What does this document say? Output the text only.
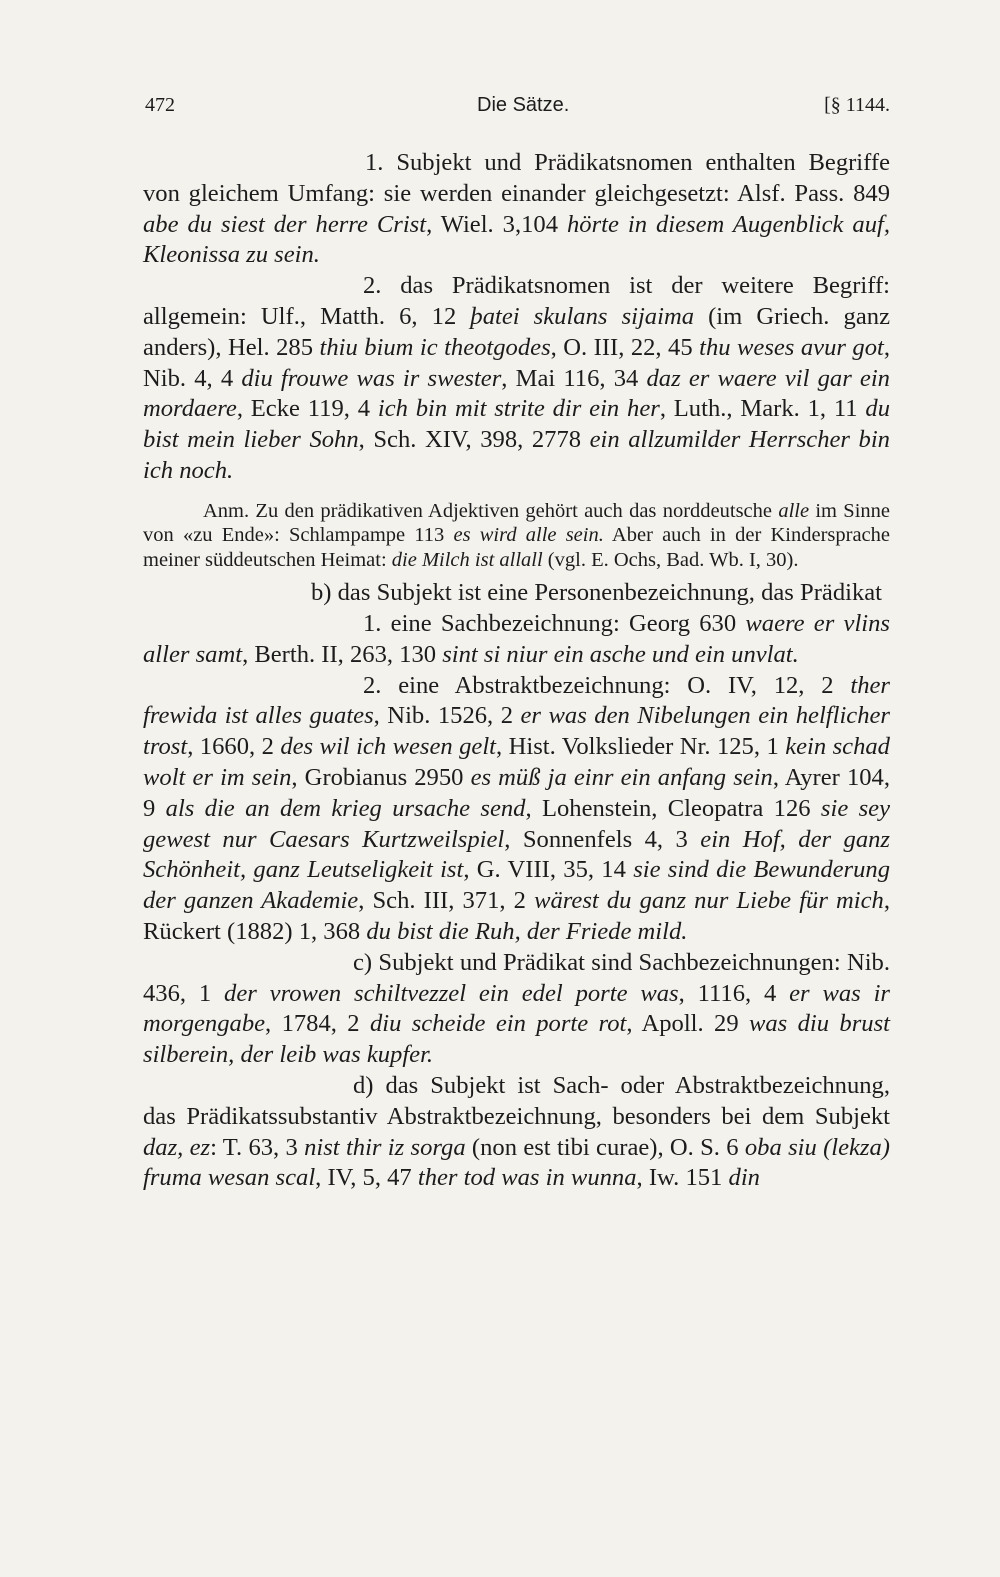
472	Die Sätze.	[§ 1144.

1. Subjekt und Prädikatsnomen enthalten Begriffe von gleichem Umfang: sie werden einander gleichgesetzt: Alsf. Pass. 849 abe du siest der herre Crist, Wiel. 3,104 hörte in diesem Augenblick auf, Kleonissa zu sein.

2. das Prädikatsnomen ist der weitere Begriff: allgemein: Ulf., Matth. 6, 12 þatei skulans sijaima (im Griech. ganz anders), Hel. 285 thiu bium ic theotgodes, O. III, 22, 45 thu weses avur got, Nib. 4, 4 diu frouwe was ir swester, Mai 116, 34 daz er waere vil gar ein mordaere, Ecke 119, 4 ich bin mit strite dir ein her, Luth., Mark. 1, 11 du bist mein lieber Sohn, Sch. XIV, 398, 2778 ein allzumilder Herrscher bin ich noch.

Anm. Zu den prädikativen Adjektiven gehört auch das norddeutsche alle im Sinne von «zu Ende»: Schlampampe 113 es wird alle sein. Aber auch in der Kindersprache meiner süddeutschen Heimat: die Milch ist allall (vgl. E. Ochs, Bad. Wb. I, 30).

b) das Subjekt ist eine Personenbezeichnung, das Prädikat

1. eine Sachbezeichnung: Georg 630 waere er vlins aller samt, Berth. II, 263, 130 sint si niur ein asche und ein unvlat.

2. eine Abstraktbezeichnung: O. IV, 12, 2 ther frewida ist alles guates, Nib. 1526, 2 er was den Nibelungen ein helflicher trost, 1660, 2 des wil ich wesen gelt, Hist. Volkslieder Nr. 125, 1 kein schad wolt er im sein, Grobianus 2950 es müß ja einr ein anfang sein, Ayrer 104, 9 als die an dem krieg ursache send, Lohenstein, Cleopatra 126 sie sey gewest nur Caesars Kurtzweilspiel, Sonnenfels 4, 3 ein Hof, der ganz Schönheit, ganz Leutseligkeit ist, G. VIII, 35, 14 sie sind die Bewunderung der ganzen Akademie, Sch. III, 371, 2 wärest du ganz nur Liebe für mich, Rückert (1882) 1, 368 du bist die Ruh, der Friede mild.

c) Subjekt und Prädikat sind Sachbezeichnungen: Nib. 436, 1 der vrowen schiltvezzel ein edel porte was, 1116, 4 er was ir morgengabe, 1784, 2 diu scheide ein porte rot, Apoll. 29 was diu brust silberein, der leib was kupfer.

d) das Subjekt ist Sach- oder Abstraktbezeichnung, das Prädikatssubstantiv Abstraktbezeichnung, besonders bei dem Subjekt daz, ez: T. 63, 3 nist thir iz sorga (non est tibi curae), O. S. 6 oba siu (lekza) fruma wesan scal, IV, 5, 47 ther tod was in wunna, Iw. 151 din
